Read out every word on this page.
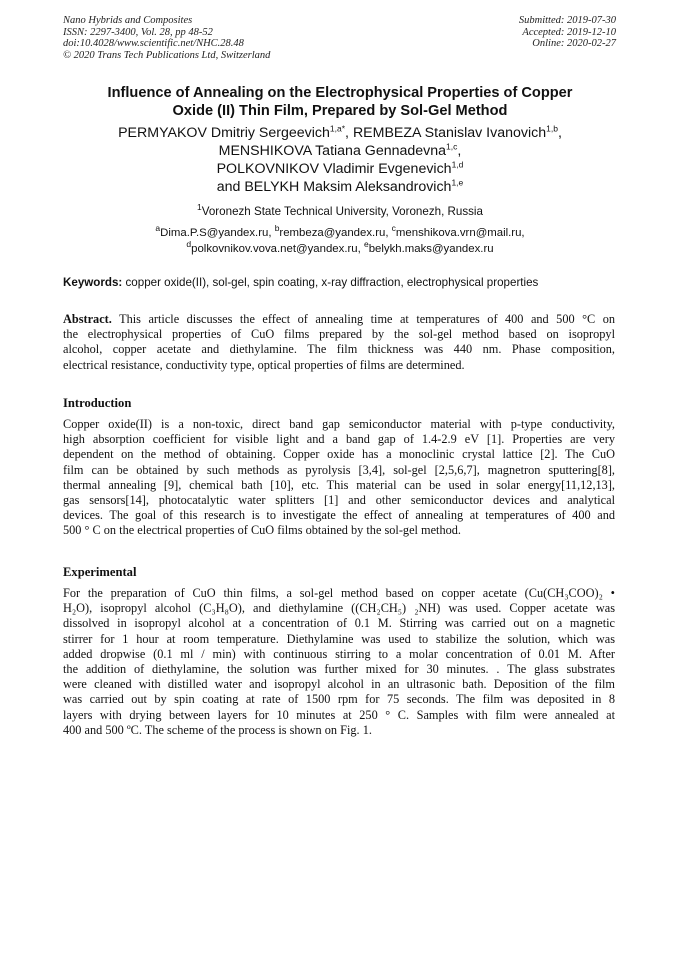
Nano Hybrids and Composites
ISSN: 2297-3400, Vol. 28, pp 48-52
doi:10.4028/www.scientific.net/NHC.28.48
© 2020 Trans Tech Publications Ltd, Switzerland
Submitted: 2019-07-30
Accepted: 2019-12-10
Online: 2020-02-27
Influence of Annealing on the Electrophysical Properties of Copper
Oxide (II) Thin Film, Prepared by Sol-Gel Method
PERMYAKOV Dmitriy Sergeevich$^{1,a*}$, REMBEZA Stanislav Ivanovich$^{1,b}$,
MENSHIKOVA Tatiana Gennadevna$^{1,c}$,
POLKOVNIKOV Vladimir Evgenevich$^{1,d}$
and BELYKH Maksim Aleksandrovich$^{1,e}$
$^1$Voronezh State Technical University, Voronezh, Russia
$^a$Dima.P.S@yandex.ru, $^b$rembeza@yandex.ru, $^c$menshikova.vrn@mail.ru,
$^d$polkovnikov.vova.net@yandex.ru, $^e$belykh.maks@yandex.ru
Keywords: copper oxide(II), sol-gel, spin coating, x-ray diffraction, electrophysical properties
Abstract. This article discusses the effect of annealing time at temperatures of 400 and 500 °C on
the electrophysical properties of CuO films prepared by the sol-gel method based on isopropyl
alcohol, copper acetate and diethylamine. The film thickness was 440 nm. Phase composition,
electrical resistance, conductivity type, optical properties of films are determined.
Introduction
Copper oxide(II) is a non-toxic, direct band gap semiconductor material with p-type conductivity,
high absorption coefficient for visible light and a band gap of 1.4-2.9 eV [1]. Properties are very
dependent on the method of obtaining. Copper oxide has a monoclinic crystal lattice [2]. The CuO
film can be obtained by such methods as pyrolysis [3,4], sol-gel [2,5,6,7], magnetron sputtering[8],
thermal annealing [9], chemical bath [10], etc. This material can be used in solar energy[11,12,13],
gas sensors[14], photocatalytic water splitters [1] and other semiconductor devices and analytical
devices. The goal of this research is to investigate the effect of annealing at temperatures of 400 and
500 ° C on the electrical properties of CuO films obtained by the sol-gel method.
Experimental
For the preparation of CuO thin films, a sol-gel method based on copper acetate (Cu(CH₃COO)₂ •
H₂O), isopropyl alcohol (C₃H₈O), and diethylamine ((CH₂CH₅) ₂NH) was used. Copper acetate was
dissolved in isopropyl alcohol at a concentration of 0.1 M. Stirring was carried out on a magnetic
stirrer for 1 hour at room temperature. Diethylamine was used to stabilize the solution, which was
added dropwise (0.1 ml / min) with continuous stirring to a molar concentration of 0.01 M. After
the addition of diethylamine, the solution was further mixed for 30 minutes. . The glass substrates
were cleaned with distilled water and isopropyl alcohol in an ultrasonic bath. Deposition of the film
was carried out by spin coating at rate of 1500 rpm for 75 seconds. The film was deposited in 8
layers with drying between layers for 10 minutes at 250 ° C. Samples with film were annealed at
400 and 500 ºC. The scheme of the process is shown on Fig. 1.
